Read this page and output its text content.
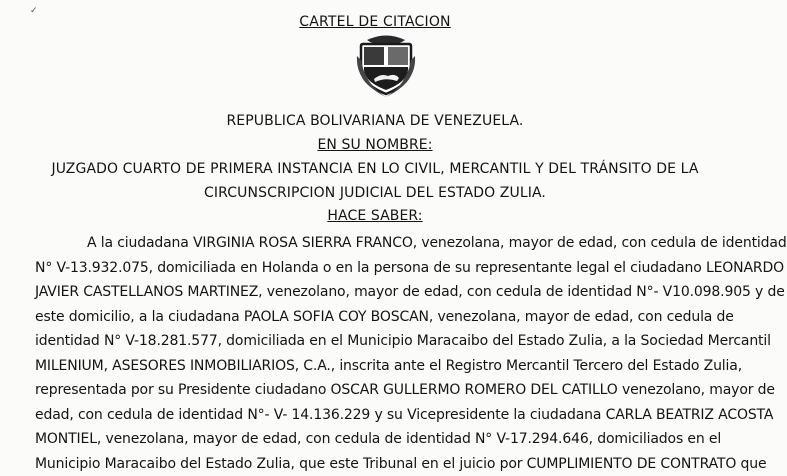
✓
CARTEL DE CITACION
REPUBLICA BOLIVARIANA DE VENEZUELA.
EN SU NOMBRE:
JUZGADO CUARTO DE PRIMERA INSTANCIA EN LO CIVIL, MERCANTIL Y DEL TRÁNSITO DE LA
CIRCUNSCRIPCION JUDICIAL DEL ESTADO ZULIA.
HACE SABER:
A la ciudadana VIRGINIA ROSA SIERRA FRANCO, venezolana, mayor de edad, con cedula de identidad
N° V-13.932.075, domiciliada en Holanda o en la persona de su representante legal el ciudadano LEONARDO
JAVIER CASTELLANOS MARTINEZ, venezolano, mayor de edad, con cedula de identidad N°- V10.098.905 y de
este domicilio, a la ciudadana PAOLA SOFIA COY BOSCAN, venezolana, mayor de edad, con cedula de
identidad N° V-18.281.577, domiciliada en el Municipio Maracaibo del Estado Zulia, a la Sociedad Mercantil
MILENIUM, ASESORES INMOBILIARIOS, C.A., inscrita ante el Registro Mercantil Tercero del Estado Zulia,
representada por su Presidente ciudadano OSCAR GULLERMO ROMERO DEL CATILLO venezolano, mayor de
edad, con cedula de identidad N°- V- 14.136.229 y su Vicepresidente la ciudadana CARLA BEATRIZ ACOSTA
MONTIEL, venezolana, mayor de edad, con cedula de identidad N° V-17.294.646, domiciliados en el
Municipio Maracaibo del Estado Zulia, que este Tribunal en el juicio por CUMPLIMIENTO DE CONTRATO que
